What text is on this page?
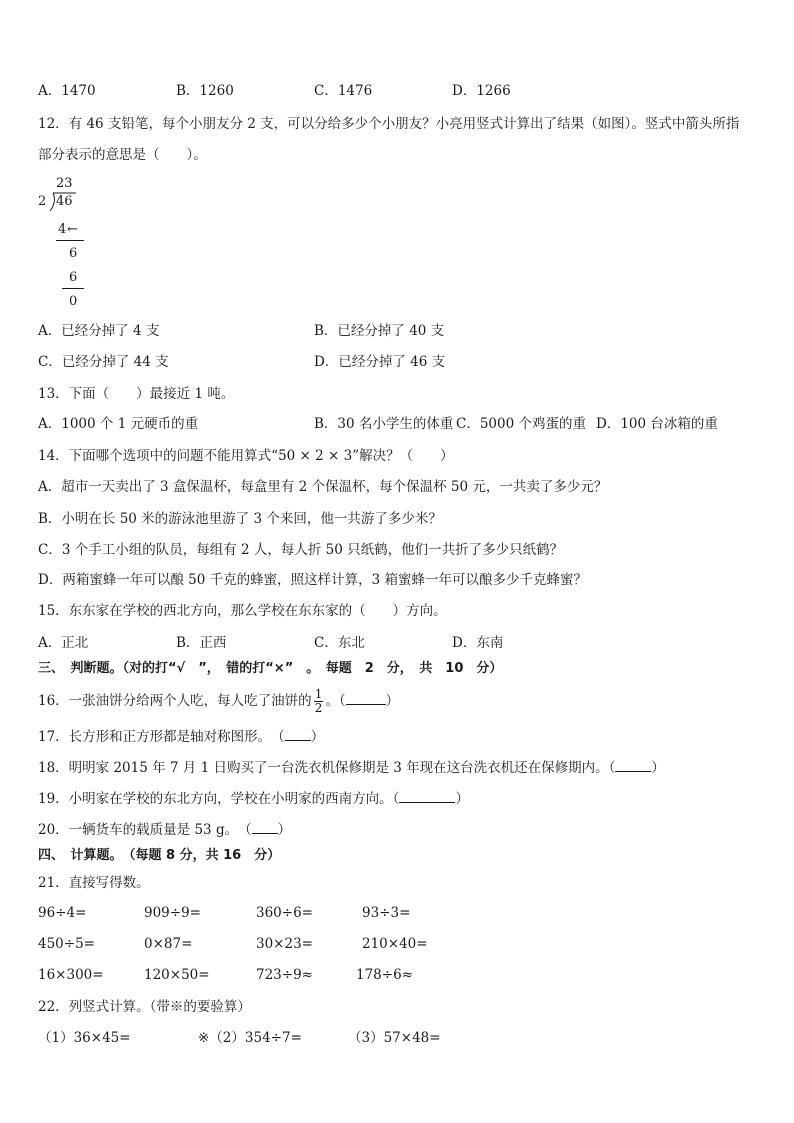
A．1470	B．1260	C．1476	D．1266
12．有 46 支铅笔，每个小朋友分 2 支，可以分给多少个小朋友？小亮用竖式计算出了结果（如图）。竖式中箭头所指
部分表示的意思是（　　）。
23
2 46
4 ←
6
6
0
A．已经分掉了 4 支	B．已经分掉了 40 支
C．已经分掉了 44 支	D．已经分掉了 46 支
13．下面（　　）最接近 1 吨。
A．1000 个 1 元硬币的重	B．30 名小学生的体重 C．5000 个鸡蛋的重 D．100 台冰箱的重
14．下面哪个选项中的问题不能用算式“50 × 2 × 3”解决？（　　）
A．超市一天卖出了 3 盒保温杯，每盒里有 2 个保温杯，每个保温杯 50 元，一共卖了多少元？
B．小明在长 50 米的游泳池里游了 3 个来回，他一共游了多少米？
C．3 个手工小组的队员，每组有 2 人，每人折 50 只纸鹤，他们一共折了多少只纸鹤？
D．两箱蜜蜂一年可以酿 50 千克的蜂蜜，照这样计算，3 箱蜜蜂一年可以酿多少千克蜂蜜？
15．东东家在学校的西北方向，那么学校在东东家的（　　）方向。
A．正北	B．正西	C．东北	D．东南
三、　判断题。（对的打“√　”，　错的打“×”　。　每题　2　分，　共　10　分）
16．一张油饼分给两个人吃，每人吃了油饼的 $\frac{1}{2}$ 。（	）
17．长方形和正方形都是轴对称图形。　（ ）
18．明明家 2015 年 7 月 1 日购买了一台洗衣机保修期是 3 年现在这台洗衣机还在保修期内。（	）
19．小明家在学校的东北方向，学校在小明家的西南方向。（	）
20．一辆货车的载质量是 53 g。　（ ）
四、　计算题。　（每题 8 分，共 16　分）
21．直接写得数。
96÷4=	909÷9=	360÷6=	93÷3=
450÷5=	0×87=	30×23=	210×40=
16×300=	120×50=	723÷9≈	178÷6≈
22．列竖式计算。（带※的要验算）
（1）36×45=	※（2）354÷7=	（3）57×48=
